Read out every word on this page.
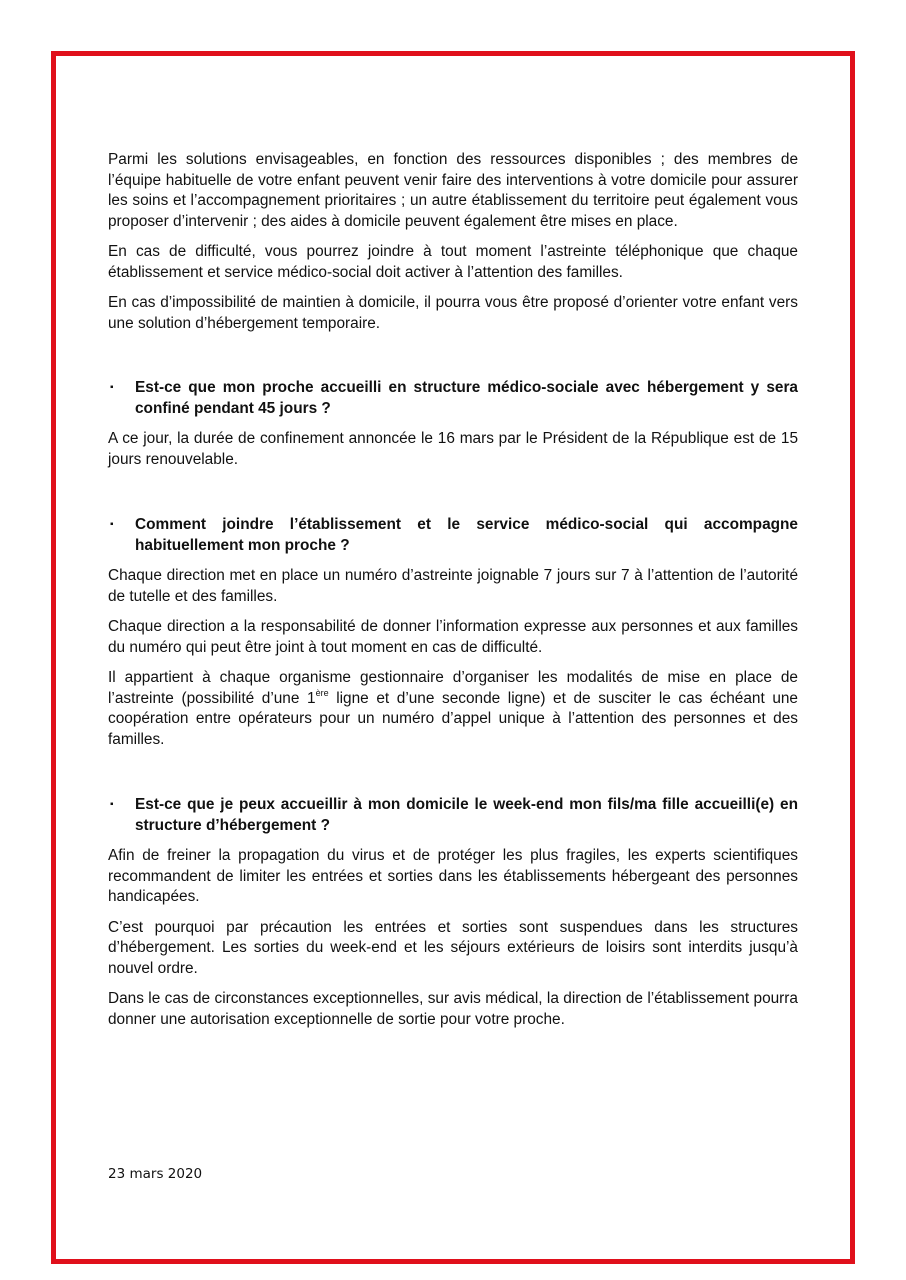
Parmi les solutions envisageables, en fonction des ressources disponibles ; des membres de l’équipe habituelle de votre enfant peuvent venir faire des interventions à votre domicile pour assurer les soins et l’accompagnement prioritaires ; un autre établissement du territoire peut également vous proposer d’intervenir ; des aides à domicile peuvent également être mises en place.

En cas de difficulté, vous pourrez joindre à tout moment l’astreinte téléphonique que chaque établissement et service médico-social doit activer à l’attention des familles.

En cas d’impossibilité de maintien à domicile, il pourra vous être proposé d’orienter votre enfant vers une solution d’hébergement temporaire.

▪ Est-ce que mon proche accueilli en structure médico-sociale avec hébergement y sera confiné pendant 45 jours ?

A ce jour, la durée de confinement annoncée le 16 mars par le Président de la République est de 15 jours renouvelable.

▪ Comment joindre l’établissement et le service médico-social qui accompagne habituellement mon proche ?

Chaque direction met en place un numéro d’astreinte joignable 7 jours sur 7 à l’attention de l’autorité de tutelle et des familles.

Chaque direction a la responsabilité de donner l’information expresse aux personnes et aux familles du numéro qui peut être joint à tout moment en cas de difficulté.

Il appartient à chaque organisme gestionnaire d’organiser les modalités de mise en place de l’astreinte (possibilité d’une 1ère ligne et d’une seconde ligne) et de susciter le cas échéant une coopération entre opérateurs pour un numéro d’appel unique à l’attention des personnes et des familles.

▪ Est-ce que je peux accueillir à mon domicile le week-end mon fils/ma fille accueilli(e) en structure d’hébergement ?

Afin de freiner la propagation du virus et de protéger les plus fragiles, les experts scientifiques recommandent de limiter les entrées et sorties dans les établissements hébergeant des personnes handicapées.

C’est pourquoi par précaution les entrées et sorties sont suspendues dans les structures d’hébergement. Les sorties du week-end et les séjours extérieurs de loisirs sont interdits jusqu’à nouvel ordre.

Dans le cas de circonstances exceptionnelles, sur avis médical, la direction de l’établissement pourra donner une autorisation exceptionnelle de sortie pour votre proche.

23 mars 2020
